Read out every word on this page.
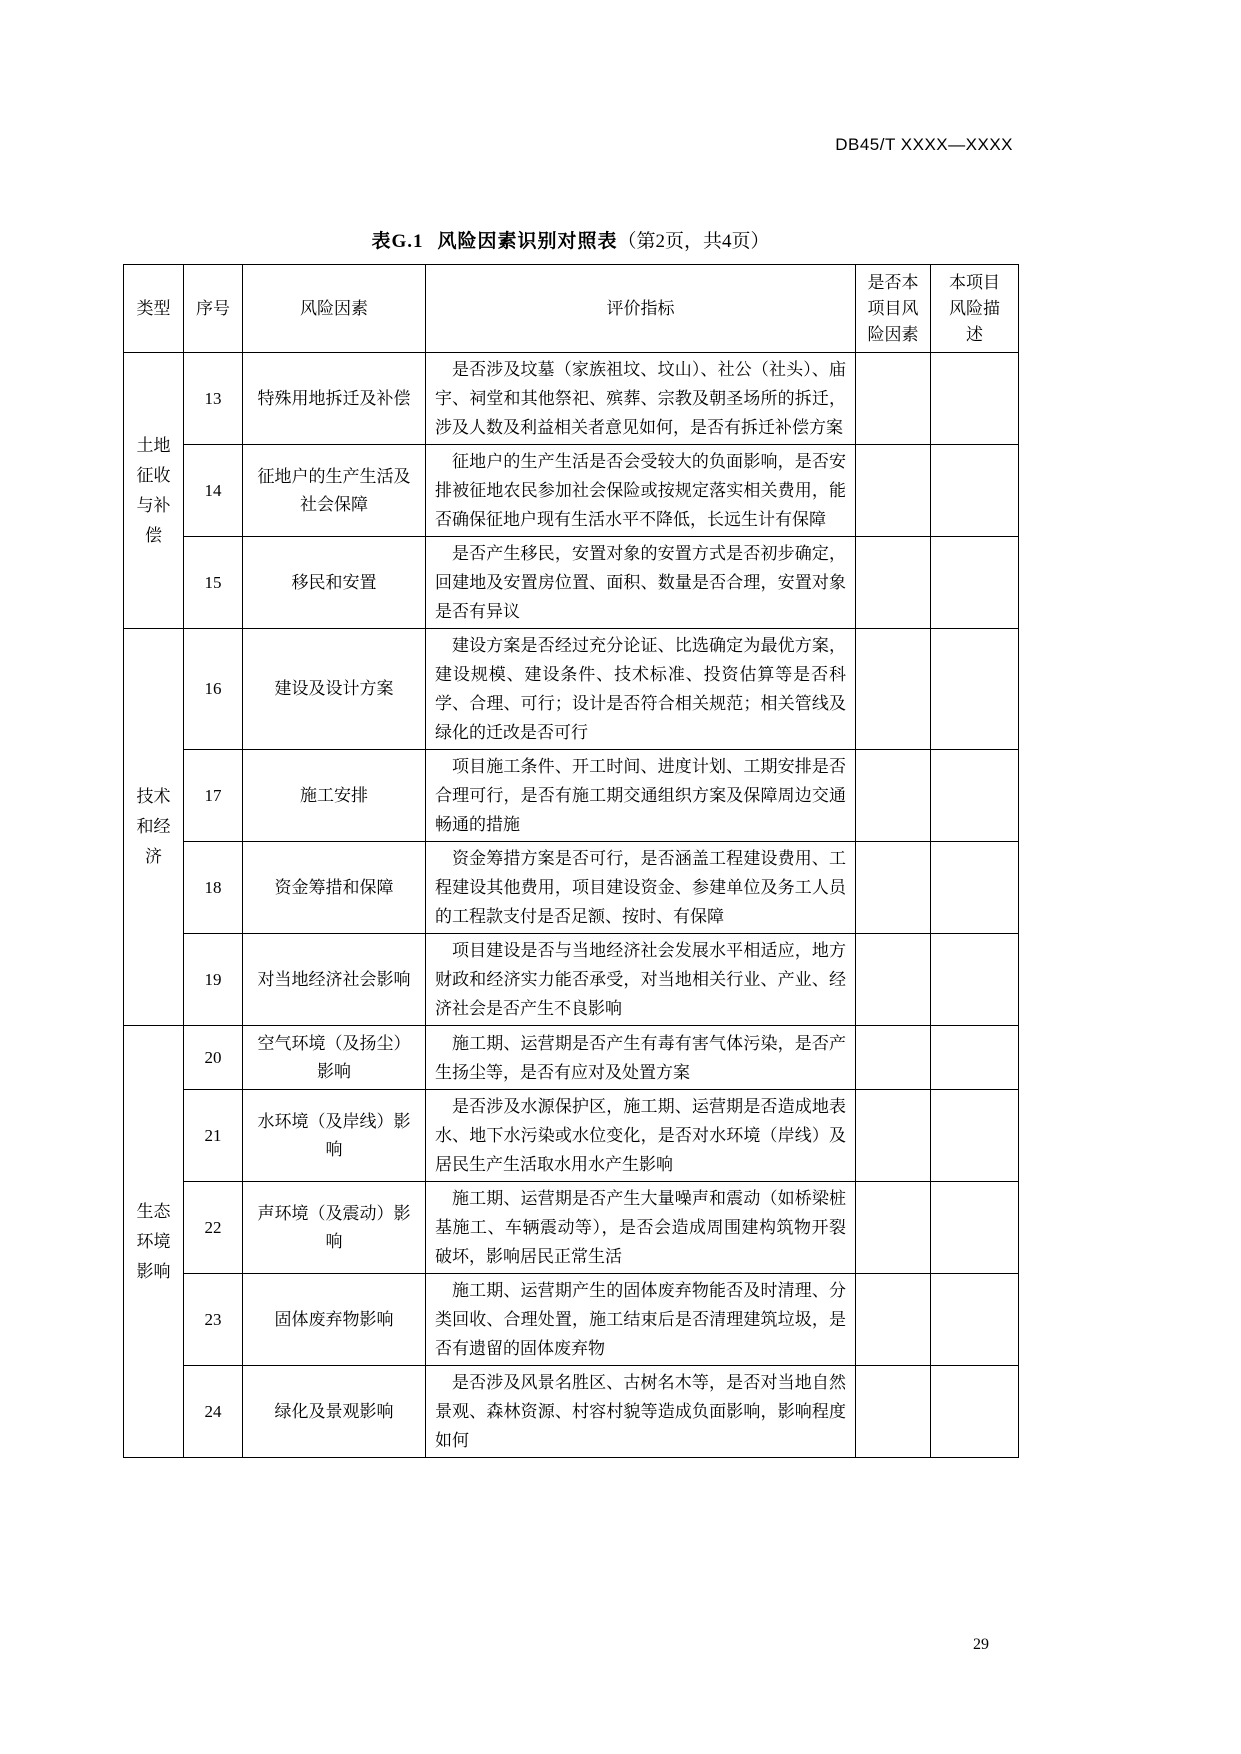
DB45/T XXXX—XXXX
表G.1 风险因素识别对照表（第2页，共4页）
类型	序号	风险因素	评价指标	是否本项目风险因素	本项目风险描述
土地征收与补偿	13	特殊用地拆迁及补偿	是否涉及坟墓（家族祖坟、坟山）、社公（社头）、庙宇、祠堂和其他祭祀、殡葬、宗教及朝圣场所的拆迁，涉及人数及利益相关者意见如何，是否有拆迁补偿方案		
	14	征地户的生产生活及社会保障	征地户的生产生活是否会受较大的负面影响，是否安排被征地农民参加社会保险或按规定落实相关费用，能否确保征地户现有生活水平不降低，长远生计有保障		
	15	移民和安置	是否产生移民，安置对象的安置方式是否初步确定，回建地及安置房位置、面积、数量是否合理，安置对象是否有异议		
技术和经济	16	建设及设计方案	建设方案是否经过充分论证、比选确定为最优方案，建设规模、建设条件、技术标准、投资估算等是否科学、合理、可行；设计是否符合相关规范；相关管线及绿化的迁改是否可行		
	17	施工安排	项目施工条件、开工时间、进度计划、工期安排是否合理可行，是否有施工期交通组织方案及保障周边交通畅通的措施		
	18	资金筹措和保障	资金筹措方案是否可行，是否涵盖工程建设费用、工程建设其他费用，项目建设资金、参建单位及务工人员的工程款支付是否足额、按时、有保障		
	19	对当地经济社会影响	项目建设是否与当地经济社会发展水平相适应，地方财政和经济实力能否承受，对当地相关行业、产业、经济社会是否产生不良影响		
生态环境影响	20	空气环境（及扬尘）影响	施工期、运营期是否产生有毒有害气体污染，是否产生扬尘等，是否有应对及处置方案		
	21	水环境（及岸线）影响	是否涉及水源保护区，施工期、运营期是否造成地表水、地下水污染或水位变化，是否对水环境（岸线）及居民生产生活取水用水产生影响		
	22	声环境（及震动）影响	施工期、运营期是否产生大量噪声和震动（如桥梁桩基施工、车辆震动等），是否会造成周围建构筑物开裂破坏，影响居民正常生活		
	23	固体废弃物影响	施工期、运营期产生的固体废弃物能否及时清理、分类回收、合理处置，施工结束后是否清理建筑垃圾，是否有遗留的固体废弃物		
	24	绿化及景观影响	是否涉及风景名胜区、古树名木等，是否对当地自然景观、森林资源、村容村貌等造成负面影响，影响程度如何		
29
